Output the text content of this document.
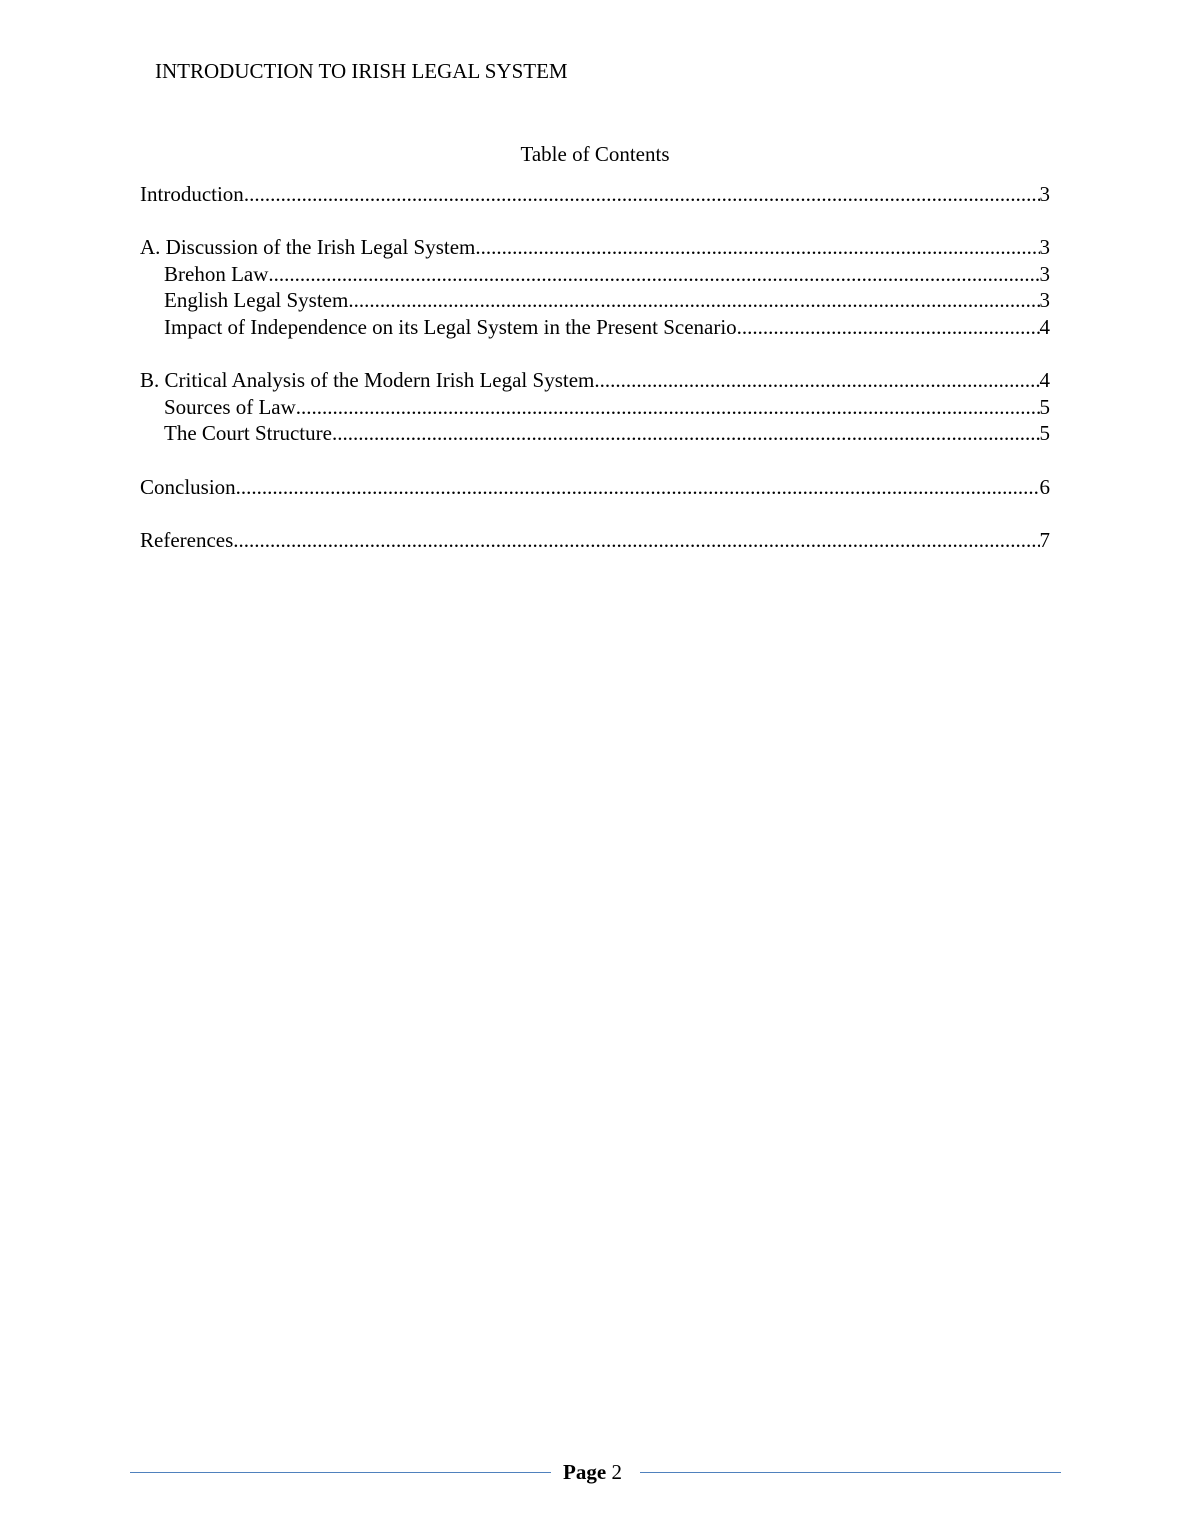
INTRODUCTION TO IRISH LEGAL SYSTEM
Table of Contents
Introduction .....	3
A. Discussion of the Irish Legal System .....	3
Brehon Law .....	3
English Legal System .....	3
Impact of Independence on its Legal System in the Present Scenario .....	4
B. Critical Analysis of the Modern Irish Legal System .....	4
Sources of Law .....	5
The Court Structure .....	5
Conclusion .....	6
References .....	7
Page 2
